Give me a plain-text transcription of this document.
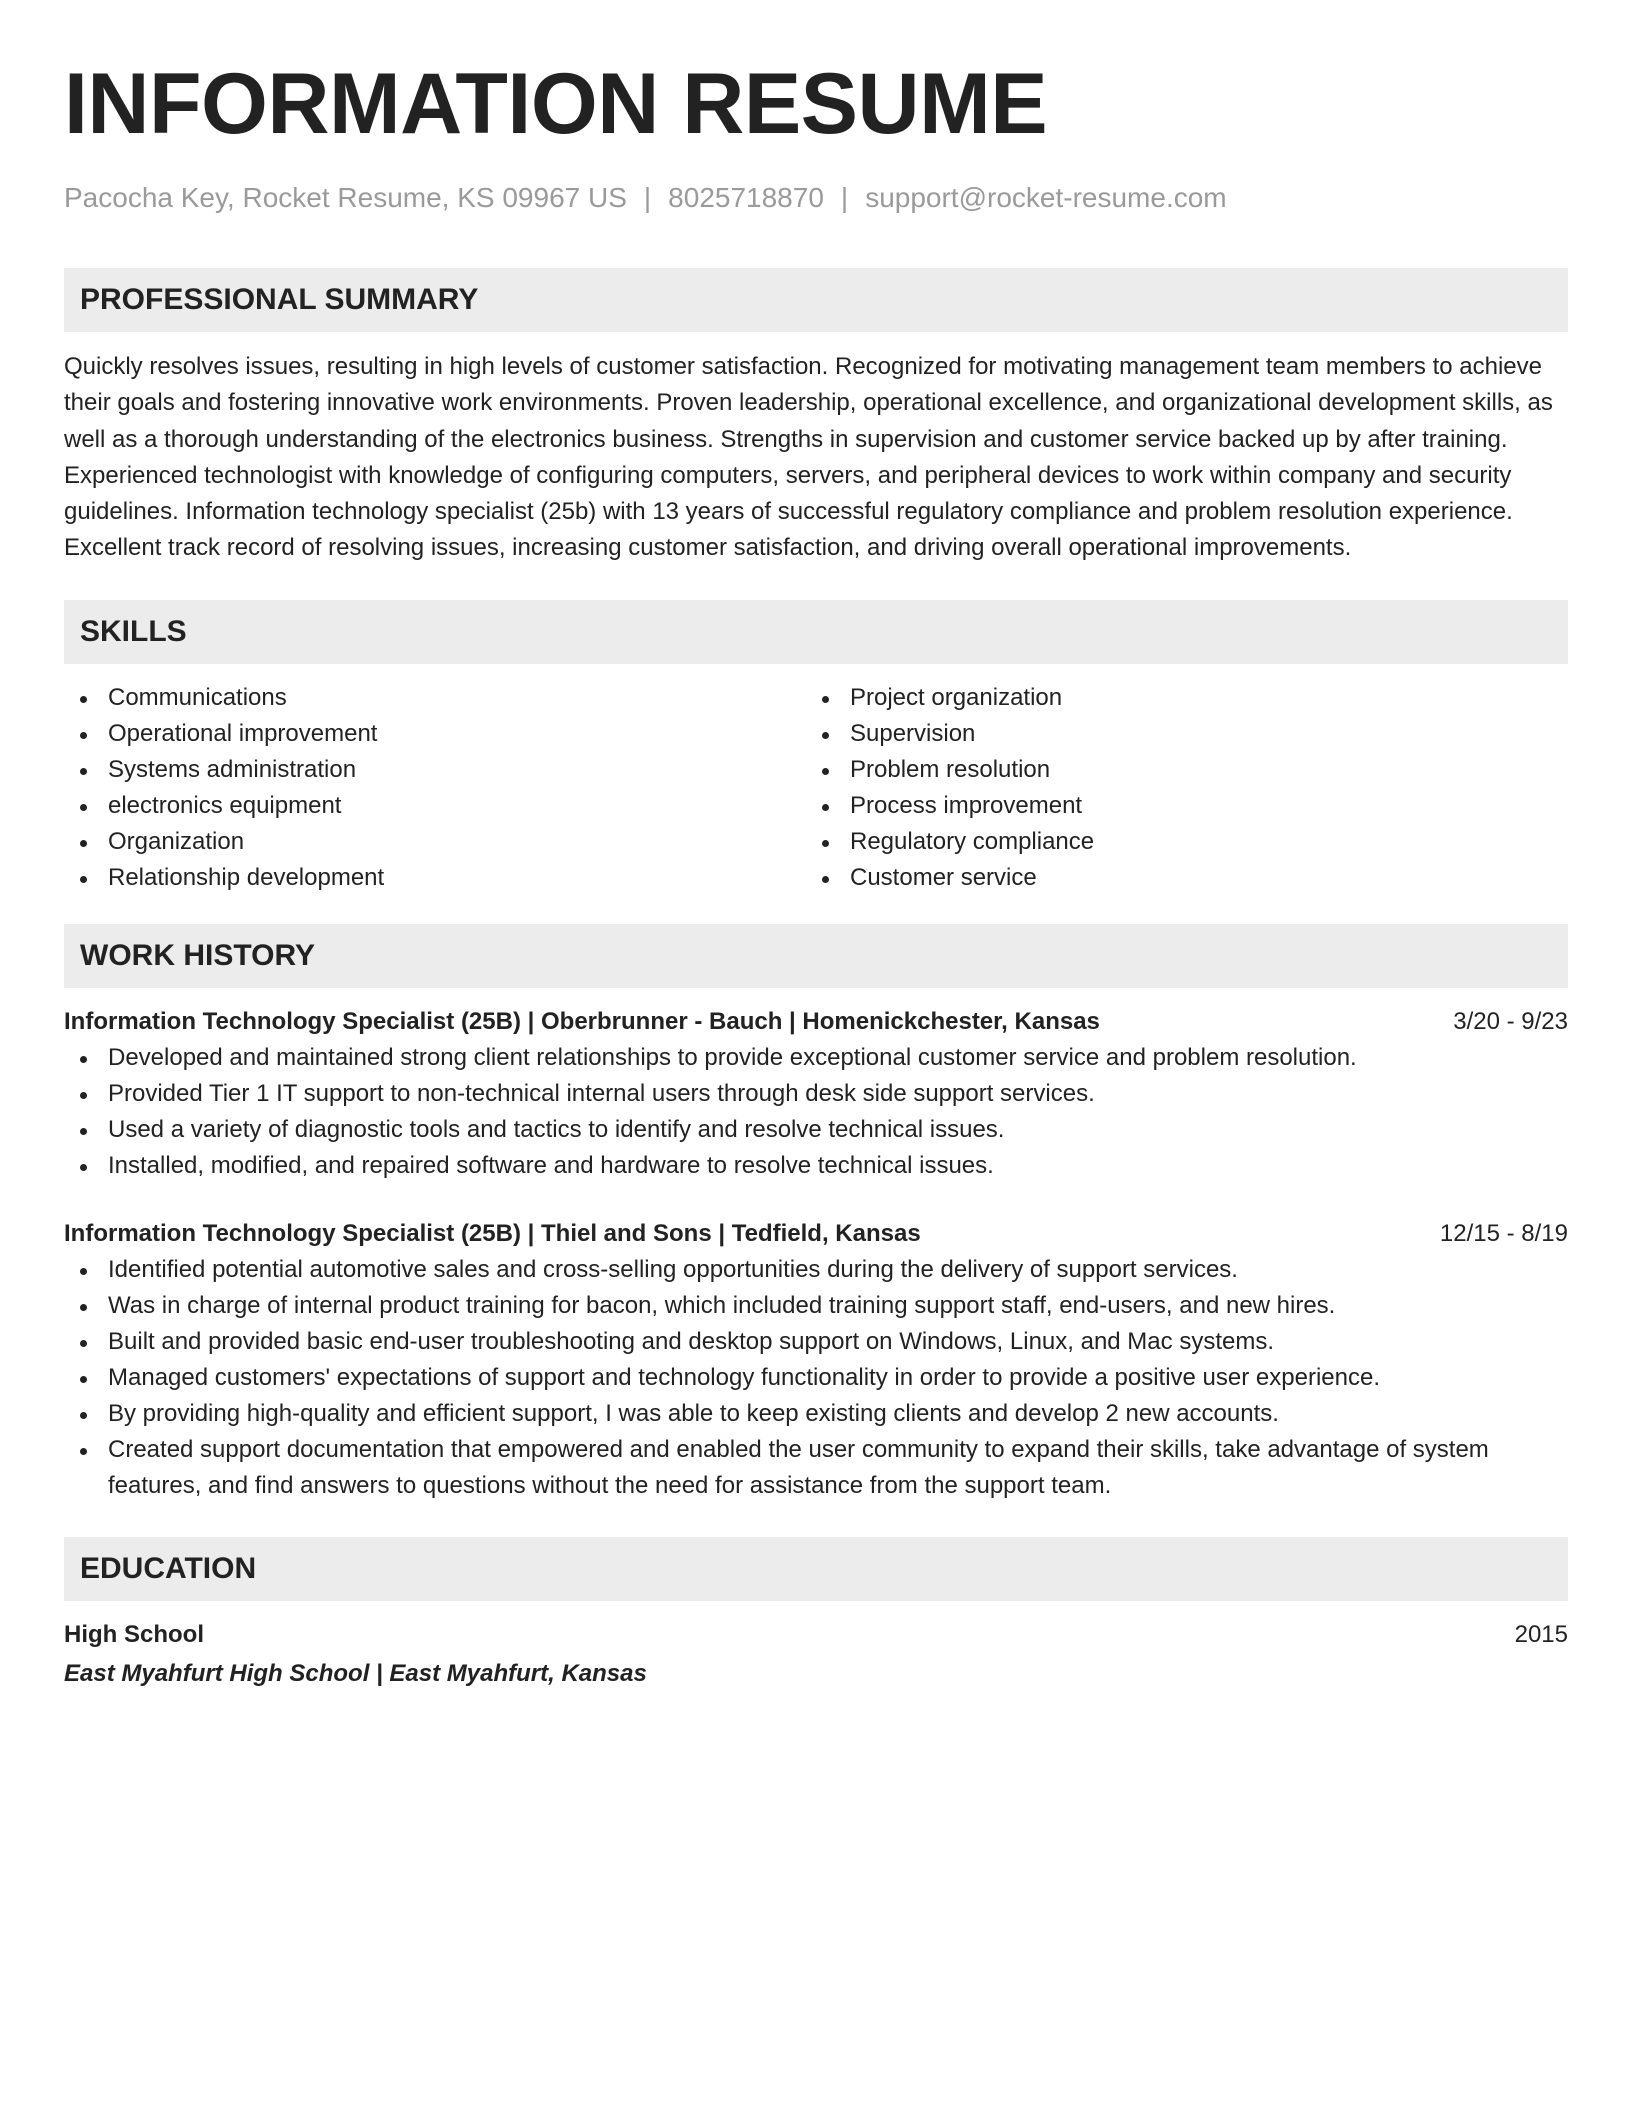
INFORMATION RESUME
Pacocha Key, Rocket Resume, KS 09967 US | 8025718870 | support@rocket-resume.com
PROFESSIONAL SUMMARY

Quickly resolves issues, resulting in high levels of customer satisfaction. Recognized for motivating management team members to achieve their goals and fostering innovative work environments. Proven leadership, operational excellence, and organizational development skills, as well as a thorough understanding of the electronics business. Strengths in supervision and customer service backed up by after training. Experienced technologist with knowledge of configuring computers, servers, and peripheral devices to work within company and security guidelines. Information technology specialist (25b) with 13 years of successful regulatory compliance and problem resolution experience. Excellent track record of resolving issues, increasing customer satisfaction, and driving overall operational improvements.

SKILLS
Communications
Operational improvement
Systems administration
electronics equipment
Organization
Relationship development
Project organization
Supervision
Problem resolution
Process improvement
Regulatory compliance
Customer service
WORK HISTORY
Information Technology Specialist (25B) | Oberbrunner - Bauch | Homenickchester, Kansas	3/20 - 9/23
Developed and maintained strong client relationships to provide exceptional customer service and problem resolution.
Provided Tier 1 IT support to non-technical internal users through desk side support services.
Used a variety of diagnostic tools and tactics to identify and resolve technical issues.
Installed, modified, and repaired software and hardware to resolve technical issues.
Information Technology Specialist (25B) | Thiel and Sons | Tedfield, Kansas	12/15 - 8/19
Identified potential automotive sales and cross-selling opportunities during the delivery of support services.
Was in charge of internal product training for bacon, which included training support staff, end-users, and new hires.
Built and provided basic end-user troubleshooting and desktop support on Windows, Linux, and Mac systems.
Managed customers' expectations of support and technology functionality in order to provide a positive user experience.
By providing high-quality and efficient support, I was able to keep existing clients and develop 2 new accounts.
Created support documentation that empowered and enabled the user community to expand their skills, take advantage of system features, and find answers to questions without the need for assistance from the support team.
EDUCATION
High School	2015
East Myahfurt High School | East Myahfurt, Kansas
